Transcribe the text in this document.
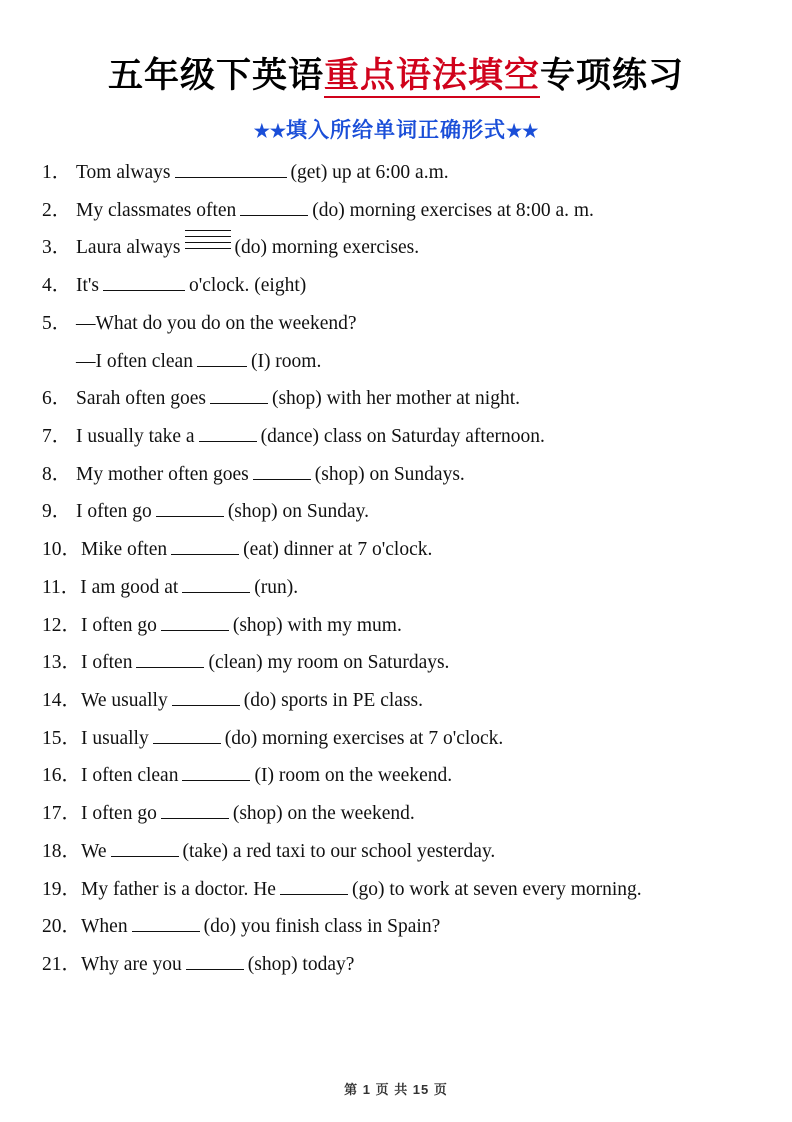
五年级下英语重点语法填空专项练习
★★填入所给单词正确形式★★
1． Tom always	(get) up at 6:00 a.m.
2． My classmates often	(do) morning exercises at 8:00 a. m.
3． Laura always	(do) morning exercises.
4． It's	o'clock. (eight)
5． —What do you do on the weekend?
—I often clean	(I) room.
6． Sarah often goes	(shop) with her mother at night.
7． I usually take a	(dance) class on Saturday afternoon.
8． My mother often goes	(shop) on Sundays.
9． I often go	(shop) on Sunday.
10．Mike often	(eat) dinner at 7 o'clock.
11．I am good at	(run).
12．I often go	(shop) with my mum.
13．I often	(clean) my room on Saturdays.
14．We usually	(do) sports in PE class.
15．I usually	(do) morning exercises at 7 o'clock.
16．I often clean	(I) room on the weekend.
17．I often go	(shop) on the weekend.
18．We	(take) a red taxi to our school yesterday.
19．My father is a doctor. He	(go) to work at seven every morning.
20．When	(do) you finish class in Spain?
21．Why are you	(shop) today?
第 1 页 共 15 页
